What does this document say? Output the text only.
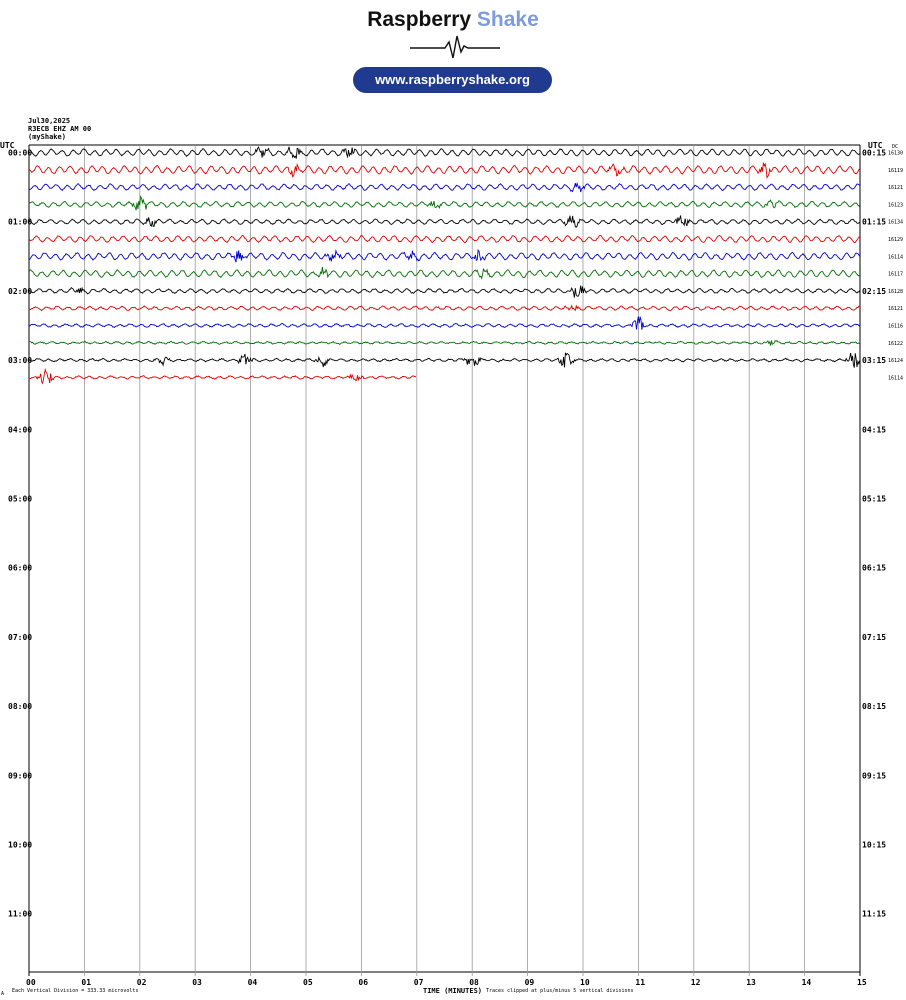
Raspberry Shake
www.raspberryshake.org
Jul30,2025
R3ECB EHZ AM 00
(myShake)
UTC	UTC DC
00:00
01:00
02:00
03:00
04:00
05:00
06:00
07:00
08:00
09:00
10:00
11:00
00:15
01:15
02:15
03:15
04:15
05:15
06:15
07:15
08:15
09:15
10:15
11:15
16130
16119
16121
16123
16134
16129
16114
16117
16128
16121
16116
16122
16124
16114
00	01	02	03	04	05	06	07	08	09	10	11	12	13	14	15
A Each Vertical Division = 333.33 microvolts	TIME (MINUTES) Traces clipped at plus/minus 5 vertical divisions
